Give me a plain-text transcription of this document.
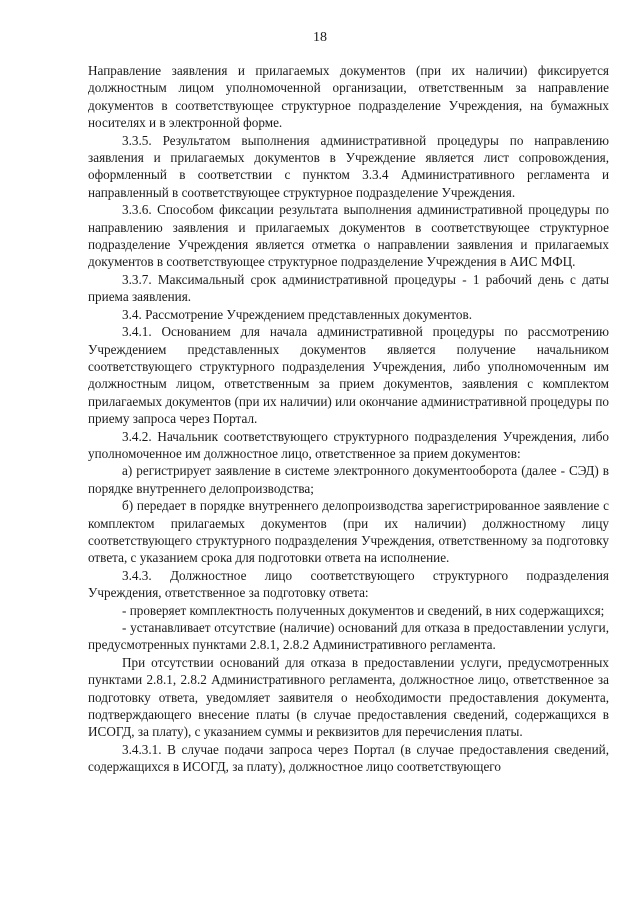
18

Направление заявления и прилагаемых документов (при их наличии) фиксируется должностным лицом уполномоченной организации, ответственным за направление документов в соответствующее структурное подразделение Учреждения, на бумажных носителях и в электронной форме.

3.3.5. Результатом выполнения административной процедуры по направлению заявления и прилагаемых документов в Учреждение является лист сопровождения, оформленный в соответствии с пунктом 3.3.4 Административного регламента и направленный в соответствующее структурное подразделение Учреждения.

3.3.6. Способом фиксации результата выполнения административной процедуры по направлению заявления и прилагаемых документов в соответствующее структурное подразделение Учреждения является отметка о направлении заявления и прилагаемых документов в соответствующее структурное подразделение Учреждения в АИС МФЦ.

3.3.7. Максимальный срок административной процедуры - 1 рабочий день с даты приема заявления.

3.4. Рассмотрение Учреждением представленных документов.

3.4.1. Основанием для начала административной процедуры по рассмотрению Учреждением представленных документов является получение начальником соответствующего структурного подразделения Учреждения, либо уполномоченным им должностным лицом, ответственным за прием документов, заявления с комплектом прилагаемых документов (при их наличии) или окончание административной процедуры по приему запроса через Портал.

3.4.2. Начальник соответствующего структурного подразделения Учреждения, либо уполномоченное им должностное лицо, ответственное за прием документов:

а) регистрирует заявление в системе электронного документооборота (далее - СЭД) в порядке внутреннего делопроизводства;

б) передает в порядке внутреннего делопроизводства зарегистрированное заявление с комплектом прилагаемых документов (при их наличии) должностному лицу соответствующего структурного подразделения Учреждения, ответственному за подготовку ответа, с указанием срока для подготовки ответа на исполнение.

3.4.3. Должностное лицо соответствующего структурного подразделения Учреждения, ответственное за подготовку ответа:

- проверяет комплектность полученных документов и сведений, в них содержащихся;

- устанавливает отсутствие (наличие) оснований для отказа в предоставлении услуги, предусмотренных пунктами 2.8.1, 2.8.2 Административного регламента.

При отсутствии оснований для отказа в предоставлении услуги, предусмотренных пунктами 2.8.1, 2.8.2 Административного регламента, должностное лицо, ответственное за подготовку ответа, уведомляет заявителя о необходимости предоставления документа, подтверждающего внесение платы (в случае предоставления сведений, содержащихся в ИСОГД, за плату), с указанием суммы и реквизитов для перечисления платы.

3.4.3.1. В случае подачи запроса через Портал (в случае предоставления сведений, содержащихся в ИСОГД, за плату), должностное лицо соответствующего
